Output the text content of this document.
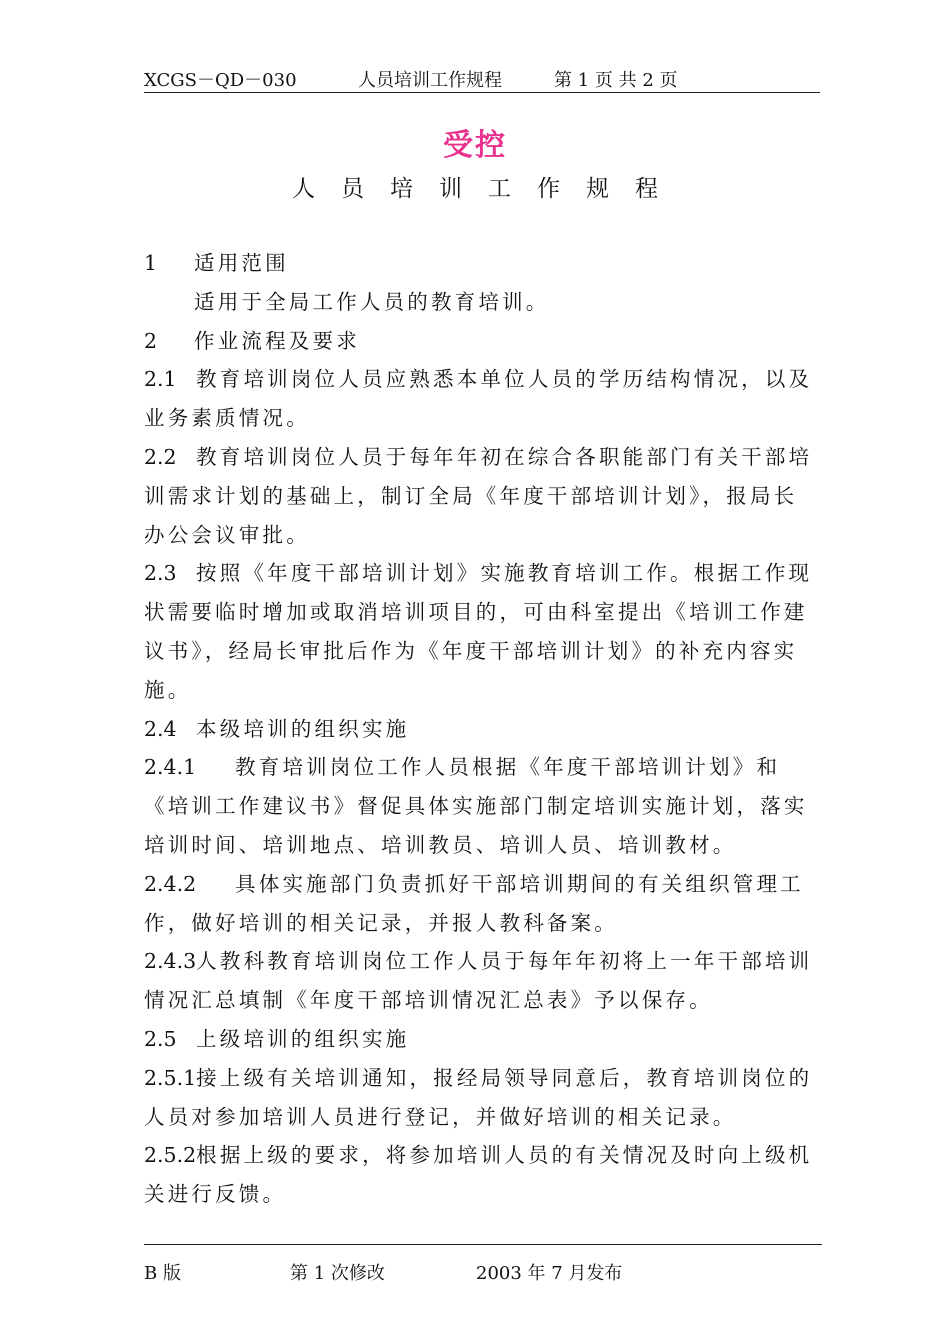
XCGS－QD－030	人员培训工作规程	第 1 页 共 2 页
受控
人员培训工作规程

1 适用范围

适用于全局工作人员的教育培训。

2 作业流程及要求

2.1 教育培训岗位人员应熟悉本单位人员的学历结构情况，以及业务素质情况。

2.2 教育培训岗位人员于每年年初在综合各职能部门有关干部培训需求计划的基础上，制订全局《年度干部培训计划》，报局长办公会议审批。

2.3 按照《年度干部培训计划》实施教育培训工作。根据工作现状需要临时增加或取消培训项目的，可由科室提出《培训工作建议书》，经局长审批后作为《年度干部培训计划》的补充内容实施。

2.4 本级培训的组织实施

2.4.1 教育培训岗位工作人员根据《年度干部培训计划》和《培训工作建议书》督促具体实施部门制定培训实施计划，落实培训时间、培训地点、培训教员、培训人员、培训教材。

2.4.2 具体实施部门负责抓好干部培训期间的有关组织管理工作，做好培训的相关记录，并报人教科备案。

2.4.3人教科教育培训岗位工作人员于每年年初将上一年干部培训情况汇总填制《年度干部培训情况汇总表》予以保存。

2.5 上级培训的组织实施

2.5.1接上级有关培训通知，报经局领导同意后，教育培训岗位的人员对参加培训人员进行登记，并做好培训的相关记录。

2.5.2根据上级的要求，将参加培训人员的有关情况及时向上级机关进行反馈。

B 版	第 1 次修改	2003 年 7 月发布
